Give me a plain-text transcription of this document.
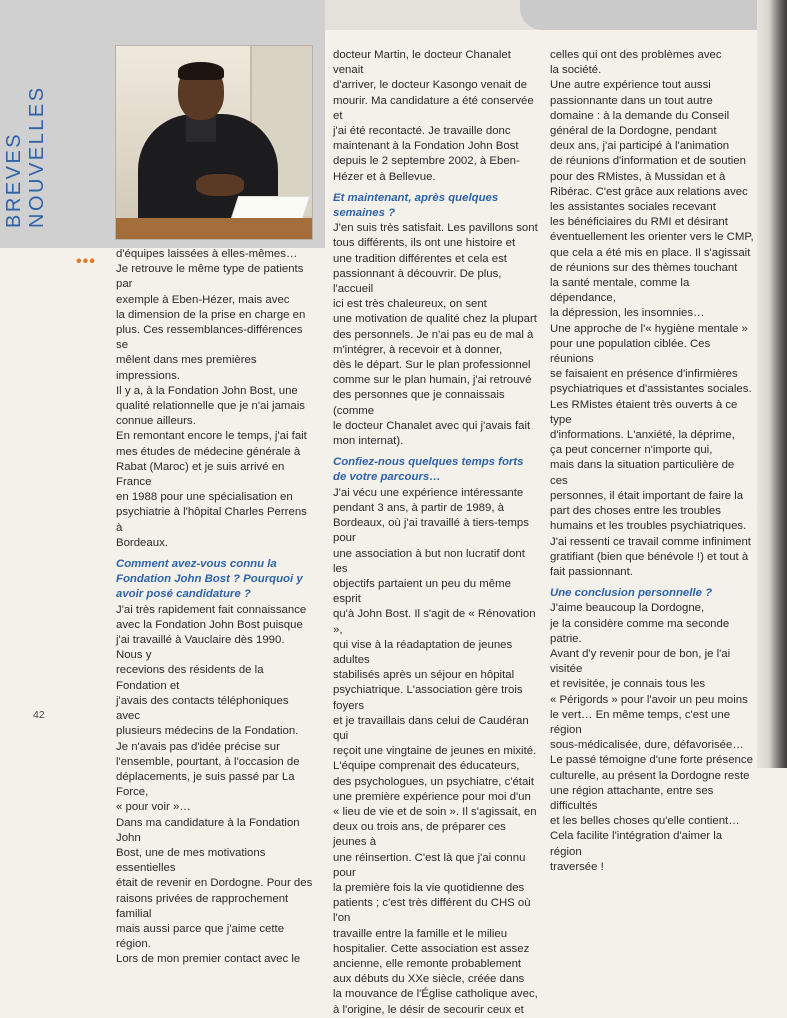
BREVES NOUVELLES
••• d'équipes laissées à elles-mêmes…
Je retrouve le même type de patients par
exemple à Eben-Hézer, mais avec
la dimension de la prise en charge en
plus. Ces ressemblances-différences se
mêlent dans mes premières impressions.
Il y a, à la Fondation John Bost, une
qualité relationnelle que je n'ai jamais
connue ailleurs.
En remontant encore le temps, j'ai fait
mes études de médecine générale à
Rabat (Maroc) et je suis arrivé en France
en 1988 pour une spécialisation en
psychiatrie à l'hôpital Charles Perrens à
Bordeaux.

Comment avez-vous connu la Fondation John Bost ? Pourquoi y avoir posé candidature ?

J'ai très rapidement fait connaissance
avec la Fondation John Bost puisque
j'ai travaillé à Vauclaire dès 1990. Nous y
recevions des résidents de la Fondation et
j'avais des contacts téléphoniques avec
plusieurs médecins de la Fondation.
Je n'avais pas d'idée précise sur
l'ensemble, pourtant, à l'occasion de
déplacements, je suis passé par La Force,
« pour voir »…
Dans ma candidature à la Fondation John
Bost, une de mes motivations essentielles
était de revenir en Dordogne. Pour des
raisons privées de rapprochement familial
mais aussi parce que j'aime cette région.
Lors de mon premier contact avec le
docteur Martin, le docteur Chanalet venait
d'arriver, le docteur Kasongo venait de
mourir. Ma candidature a été conservée et
j'ai été recontacté. Je travaille donc
maintenant à la Fondation John Bost
depuis le 2 septembre 2002, à Eben-
Hézer et à Bellevue.

Et maintenant, après quelques semaines ?

J'en suis très satisfait. Les pavillons sont
tous différents, ils ont une histoire et
une tradition différentes et cela est
passionnant à découvrir. De plus, l'accueil
ici est très chaleureux, on sent
une motivation de qualité chez la plupart
des personnels. Je n'ai pas eu de mal à
m'intégrer, à recevoir et à donner,
dès le départ. Sur le plan professionnel
comme sur le plan humain, j'ai retrouvé
des personnes que je connaissais (comme
le docteur Chanalet avec qui j'avais fait
mon internat).

Confiez-nous quelques temps forts de votre parcours…

J'ai vécu une expérience intéressante
pendant 3 ans, à partir de 1989, à
Bordeaux, où j'ai travaillé à tiers-temps pour
une association à but non lucratif dont les
objectifs partaient un peu du même esprit
qu'à John Bost. Il s'agit de « Rénovation »,
qui vise à la réadaptation de jeunes adultes
stabilisés après un séjour en hôpital
psychiatrique. L'association gère trois foyers
et je travaillais dans celui de Caudéran qui
reçoit une vingtaine de jeunes en mixité.
L'équipe comprenait des éducateurs,
des psychologues, un psychiatre, c'était
une première expérience pour moi d'un
« lieu de vie et de soin ». Il s'agissait, en
deux ou trois ans, de préparer ces jeunes à
une réinsertion. C'est là que j'ai connu pour
la première fois la vie quotidienne des
patients ; c'est très différent du CHS où l'on
travaille entre la famille et le milieu
hospitalier. Cette association est assez
ancienne, elle remonte probablement
aux débuts du XXe siècle, créée dans
la mouvance de l'Église catholique avec,
à l'origine, le désir de secourir ceux et
celles qui ont des problèmes avec
la société.
Une autre expérience tout aussi
passionnante dans un tout autre
domaine : à la demande du Conseil
général de la Dordogne, pendant
deux ans, j'ai participé à l'animation
de réunions d'information et de soutien
pour des RMistes, à Mussidan et à
Ribérac. C'est grâce aux relations avec
les assistantes sociales recevant
les bénéficiaires du RMI et désirant
éventuellement les orienter vers le CMP,
que cela a été mis en place. Il s'agissait
de réunions sur des thèmes touchant
la santé mentale, comme la dépendance,
la dépression, les insomnies…
Une approche de l'« hygiène mentale »
pour une population ciblée. Ces réunions
se faisaient en présence d'infirmières
psychiatriques et d'assistantes sociales.
Les RMistes étaient très ouverts à ce type
d'informations. L'anxiété, la déprime,
ça peut concerner n'importe qui,
mais dans la situation particulière de ces
personnes, il était important de faire la
part des choses entre les troubles
humains et les troubles psychiatriques.
J'ai ressenti ce travail comme infiniment
gratifiant (bien que bénévole !) et tout à
fait passionnant.

Une conclusion personnelle ?

J'aime beaucoup la Dordogne,
je la considère comme ma seconde patrie.
Avant d'y revenir pour de bon, je l'ai visitée
et revisitée, je connais tous les
« Périgords » pour l'avoir un peu moins
le vert… En même temps, c'est une région
sous-médicalisée, dure, défavorisée…
Le passé témoigne d'une forte présence
culturelle, au présent la Dordogne reste
une région attachante, entre ses difficultés
et les belles choses qu'elle contient…
Cela facilite l'intégration d'aimer la région
traversée !
42
